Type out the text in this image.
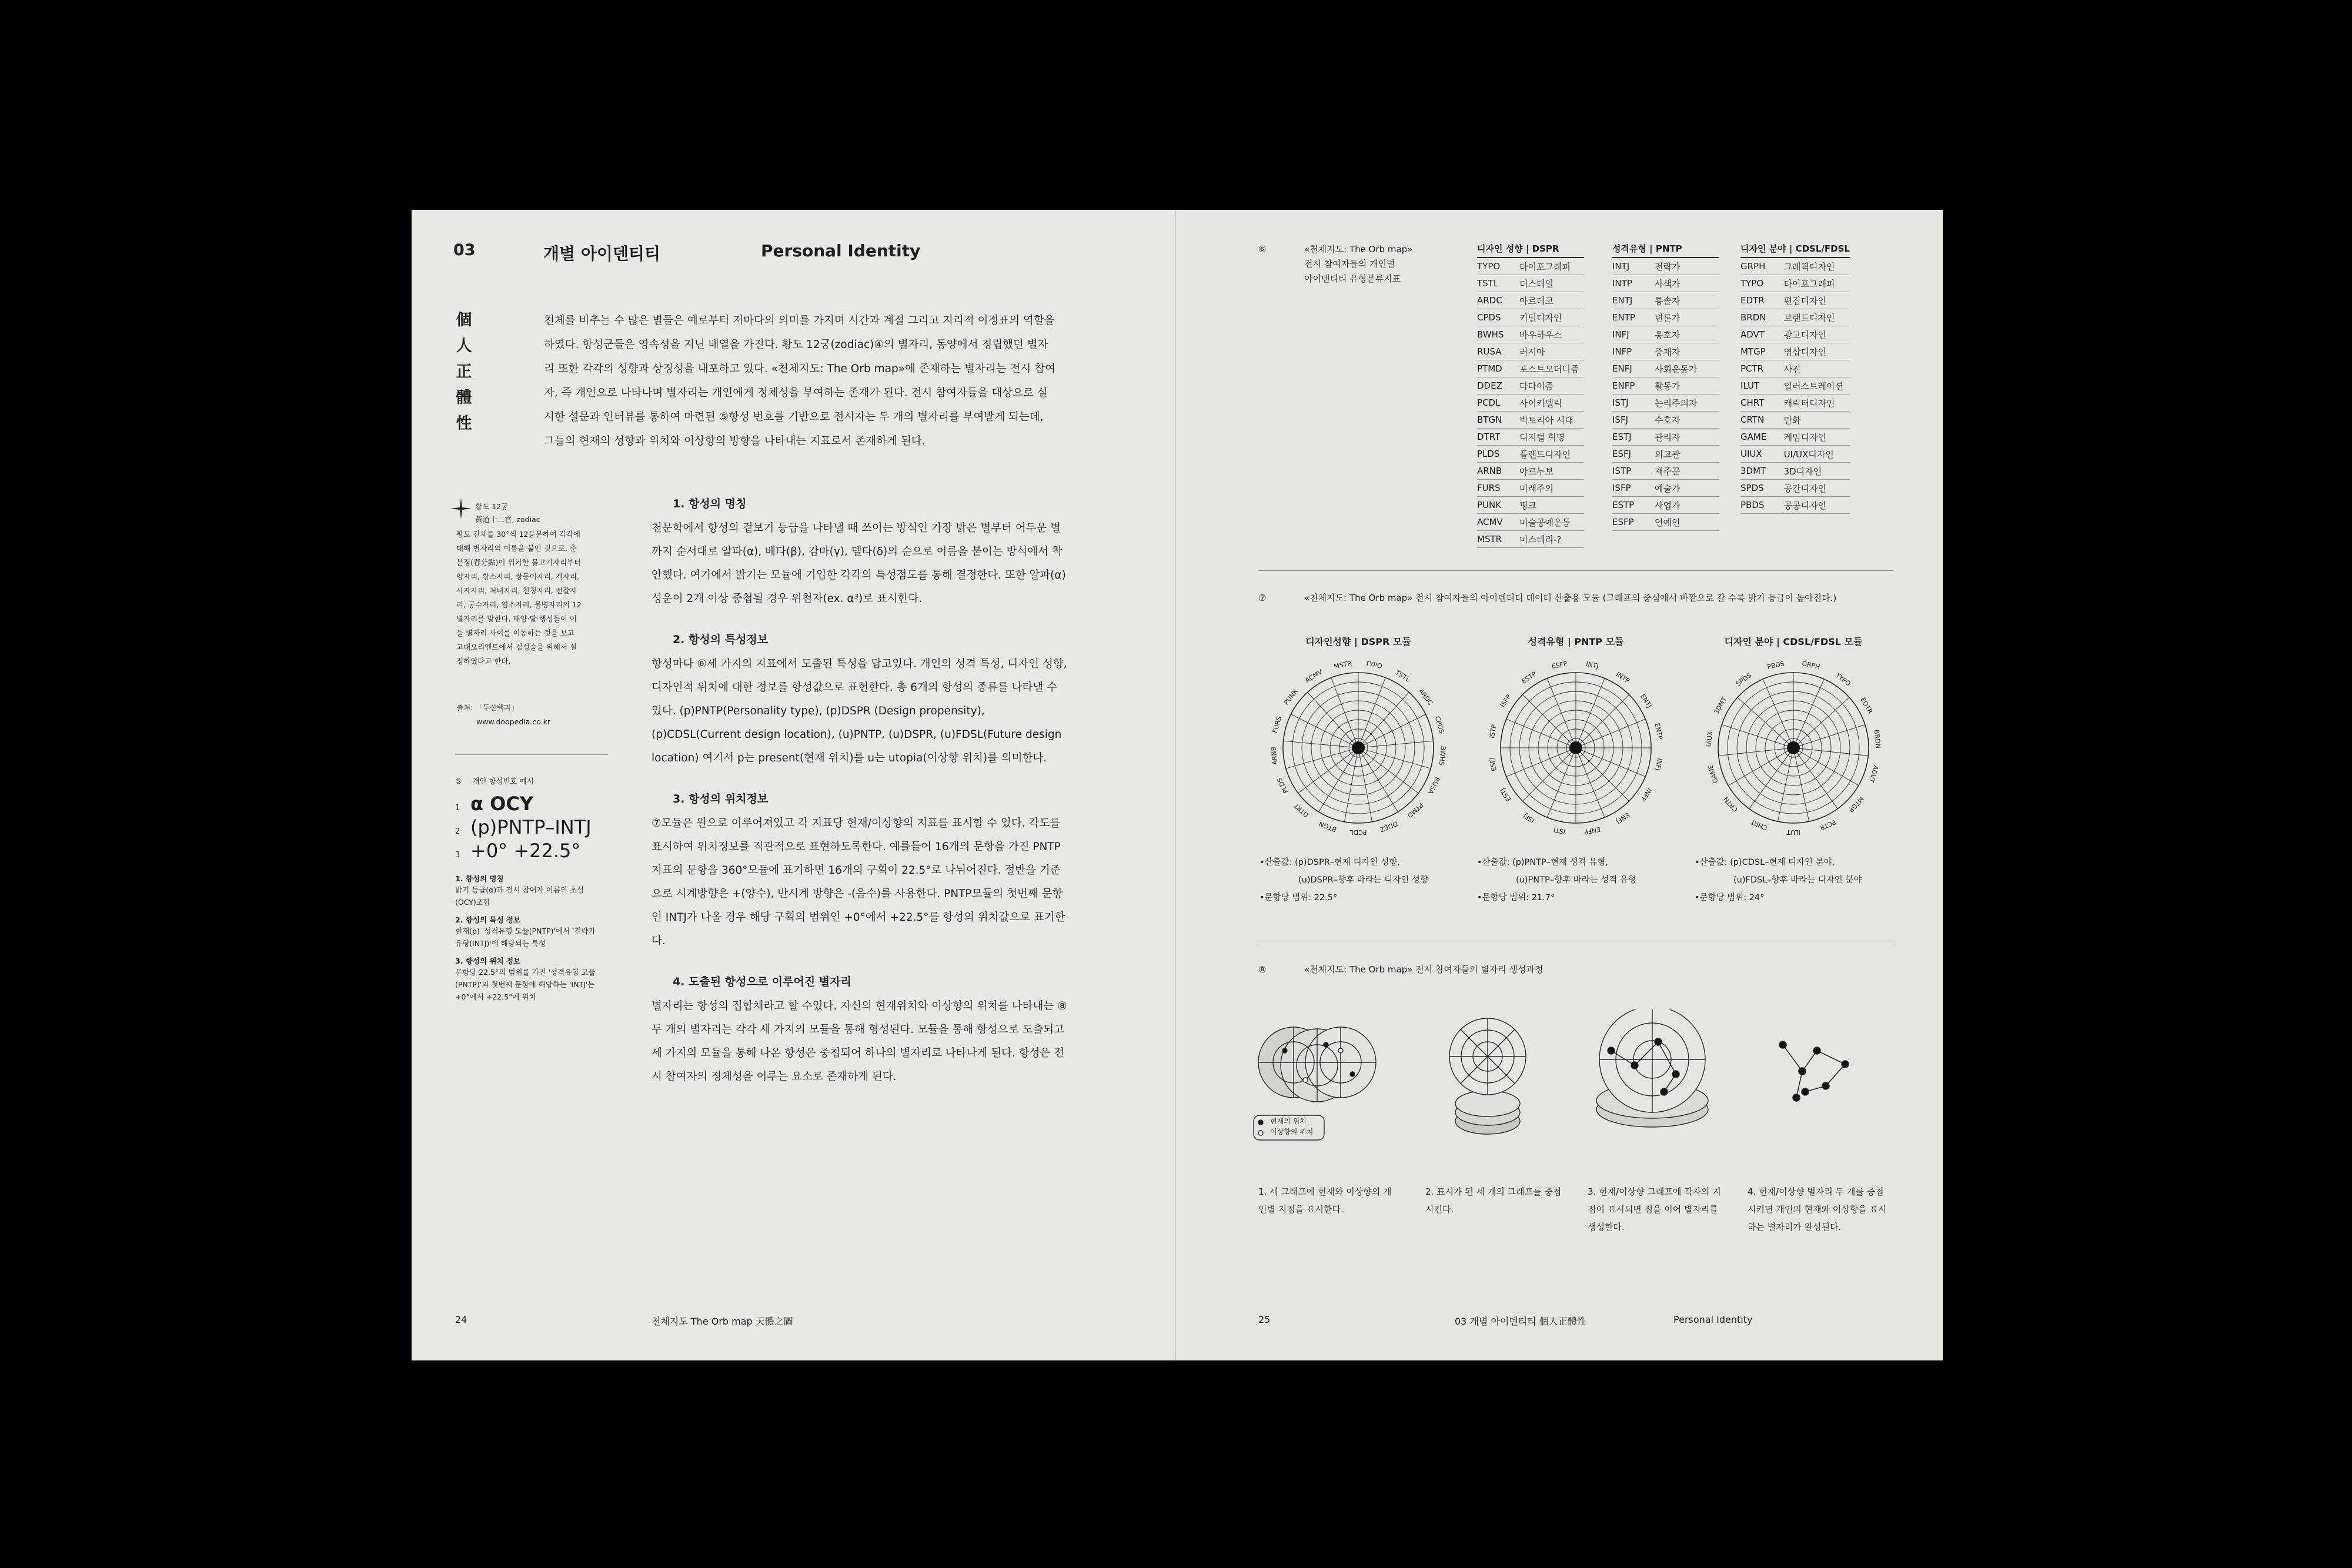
03	개별 아이덴티티	Personal Identity
個
人
正
體
性
천체를 비추는 수 많은 별들은 예로부터 저마다의 의미를 가지며 시간과 계절 그리고 지리적 이정표의 역할을 하였다. 항성군들은 영속성을 지닌 배열을 가진다. 황도 12궁(zodiac)④의 별자리, 동양에서 정립했던 별자리 또한 각각의 성향과 상징성을 내포하고 있다. «천체지도: The Orb map»에 존재하는 별자리는 전시 참여자, 즉 개인으로 나타나며 별자리는 개인에게 정체성을 부여하는 존재가 된다. 전시 참여자들을 대상으로 실시한 설문과 인터뷰를 통하여 마련된 ⑤항성 번호를 기반으로 전시자는 두 개의 별자리를 부여받게 되는데, 그들의 현재의 성향과 위치와 이상향의 방향을 나타내는 지표로서 존재하게 된다.
황도 12궁
黃道十二宮, zodiac
황도 전체를 30°씩 12등분하여 각각에 대해 별자리의 이름을 붙인 것으로, 춘분점(春分點)이 위치한 물고기자리부터 양자리, 황소자리, 쌍둥이자리, 게자리, 사자자리, 처녀자리, 천칭자리, 전갈자리, 궁수자리, 염소자리, 물병자리의 12별자리를 말한다. 태양·달·행성들이 이들 별자리 사이를 이동하는 것을 보고 고대오리엔트에서 점성술을 위해서 설정하였다고 한다.
출처: 「두산백과」
www.doopedia.co.kr
⑤ 개인 항성번호 예시
1 α OCY
2 (p)PNTP–INTJ
3 +0° +22.5°
1. 항성의 명칭
밝기 등급(α)과 전시 참여자 이름의 초성(OCY)조합
2. 항성의 특성 정보
현재(p) '성격유형 모듈(PNTP)'에서 '전략가 유형(INTJ)'에 해당되는 특성
3. 항성의 위치 정보
문항당 22.5°의 범위를 가진 '성격유형 모듈(PNTP)'의 첫번째 문항에 해당하는 'INTJ'는 +0°에서 +22.5°에 위치
1. 항성의 명칭
천문학에서 항성의 겉보기 등급을 나타낼 때 쓰이는 방식인 가장 밝은 별부터 어두운 별까지 순서대로 알파(α), 베타(β), 감마(γ), 델타(δ)의 순으로 이름을 붙이는 방식에서 착안했다. 여기에서 밝기는 모듈에 기입한 각각의 특성점도를 통해 결정한다. 또한 알파(α) 성운이 2개 이상 중첩될 경우 위첨자(ex. α³)로 표시한다.
2. 항성의 특성정보
항성마다 ⑥세 가지의 지표에서 도출된 특성을 담고있다. 개인의 성격 특성, 디자인 성향, 디자인적 위치에 대한 정보를 항성값으로 표현한다. 총 6개의 항성의 종류를 나타낼 수 있다. (p)PNTP(Personality type), (p)DSPR (Design propensity), (p)CDSL(Current design location), (u)PNTP, (u)DSPR, (u)FDSL(Future design location) 여기서 p는 present(현재 위치)를 u는 utopia(이상향 위치)를 의미한다.
3. 항성의 위치정보
⑦모듈은 원으로 이루어져있고 각 지표당 현재/이상향의 지표를 표시할 수 있다. 각도를 표시하여 위치정보를 직관적으로 표현하도록한다. 예를들어 16개의 문항을 가진 PNTP 지표의 문항을 360°모듈에 표기하면 16개의 구획이 22.5°로 나뉘어진다. 절반을 기준으로 시계방향은 +(양수), 반시계 방향은 -(음수)를 사용한다. PNTP모듈의 첫번째 문항인 INTJ가 나올 경우 해당 구획의 범위인 +0°에서 +22.5°를 항성의 위치값으로 표기한다.
4. 도출된 항성으로 이루어진 별자리
별자리는 항성의 집합체라고 할 수있다. 자신의 현재위치와 이상향의 위치를 나타내는 ⑧두 개의 별자리는 각각 세 가지의 모듈을 통해 형성된다. 모듈을 통해 항성으로 도출되고 세 가지의 모듈을 통해 나온 항성은 중첩되어 하나의 별자리로 나타나게 된다. 항성은 전시 참여자의 정체성을 이루는 요소로 존재하게 된다.
24	천체지도 The Orb map 天體之圖
⑥	«천체지도: The Orb map»
전시 참여자들의 개인별
아이덴티티 유형분류지표
디자인 성향 | DSPR	
TYPO	타이포그래피
TSTL	더스테일
ARDC	아르데코
CPDS	키덜디자인
BWHS	바우하우스
RUSA	러시아
PTMD	포스트모더니즘
DDEZ	다다이즘
PCDL	사이키델릭
BTGN	빅토리아 시대
DTRT	디지털 혁명
PLDS	플랜드디자인
ARNB	아르누보
FURS	미래주의
PUNK	펑크
ACMV	미술공예운동
MSTR	미스테리-?
성격유형 | PNTP	
INTJ	전략가
INTP	사색가
ENTJ	통솔자
ENTP	변론가
INFJ	옹호자
INFP	중재자
ENFJ	사회운동가
ENFP	활동가
ISTJ	논리주의자
ISFJ	수호자
ESTJ	관리자
ESFJ	외교관
ISTP	재주꾼
ISFP	예술가
ESTP	사업가
ESFP	연예인
디자인 분야 | CDSL/FDSL	
GRPH	그래픽디자인
TYPO	타이포그래피
EDTR	편집디자인
BRDN	브랜드디자인
ADVT	광고디자인
MTGP	영상디자인
PCTR	사진
ILUT	일러스트레이션
CHRT	캐릭터디자인
CRTN	만화
GAME	게임디자인
UIUX	UI/UX디자인
3DMT	3D디자인
SPDS	공간디자인
PBDS	공공디자인
⑦	«천체지도: The Orb map» 전시 참여자들의 아이덴티티 데이터 산출용 모듈 (그래프의 중심에서 바깥으로 갈 수록 밝기 등급이 높아진다.)
디자인성향 | DSPR 모듈	성격유형 | PNTP 모듈	디자인 분야 | CDSL/FDSL 모듈
TYPO
TSTL
ARDC
CPDS
BWHS
RUSA
PTMD
DDEZ
PCDL
BTGN
DTRT
PLDS
ARNB
FURS
PUNK
ACMV
MSTR	INTJ
INTP
ENTJ
ENTP
INFJ
INFP
ENFJ
ENFP
ISTJ
ISFJ
ESTJ
ESFJ
ISTP
ISFP
ESTP
ESFP	GRPH
TYPO
EDTR
BRDN
ADVT
MTGP
PCTR
ILUT
CHRT
CRTN
GAME
UIUX
3DMT
SPDS
PBDS
•산출값: (p)DSPR–현재 디자인 성향,
(u)DSPR–향후 바라는 디자인 성향
•문항당 범위: 22.5°
•산출값: (p)PNTP–현재 성격 유형,
(u)PNTP–향후 바라는 성격 유형
•문항당 범위: 21.7°
•산출값: (p)CDSL–현재 디자인 분야,
(u)FDSL–향후 바라는 디자인 분야
•문항당 범위: 24°
⑧	«천체지도: The Orb map» 전시 참여자들의 별자리 생성과정
현재의 위치
이상향의 위치
1. 세 그래프에 현재와 이상향의 개인별 지점을 표시한다.
2. 표시가 된 세 개의 그래프를 중첩시킨다.
3. 현재/이상향 그래프에 각자의 지점이 표시되면 점을 이어 별자리를 생성한다.
4. 현재/이상향 별자리 두 개를 중첩시키면 개인의 현재와 이상향을 표시하는 별자리가 완성된다.
25	03 개별 아이덴티티 個人正體性	Personal Identity
